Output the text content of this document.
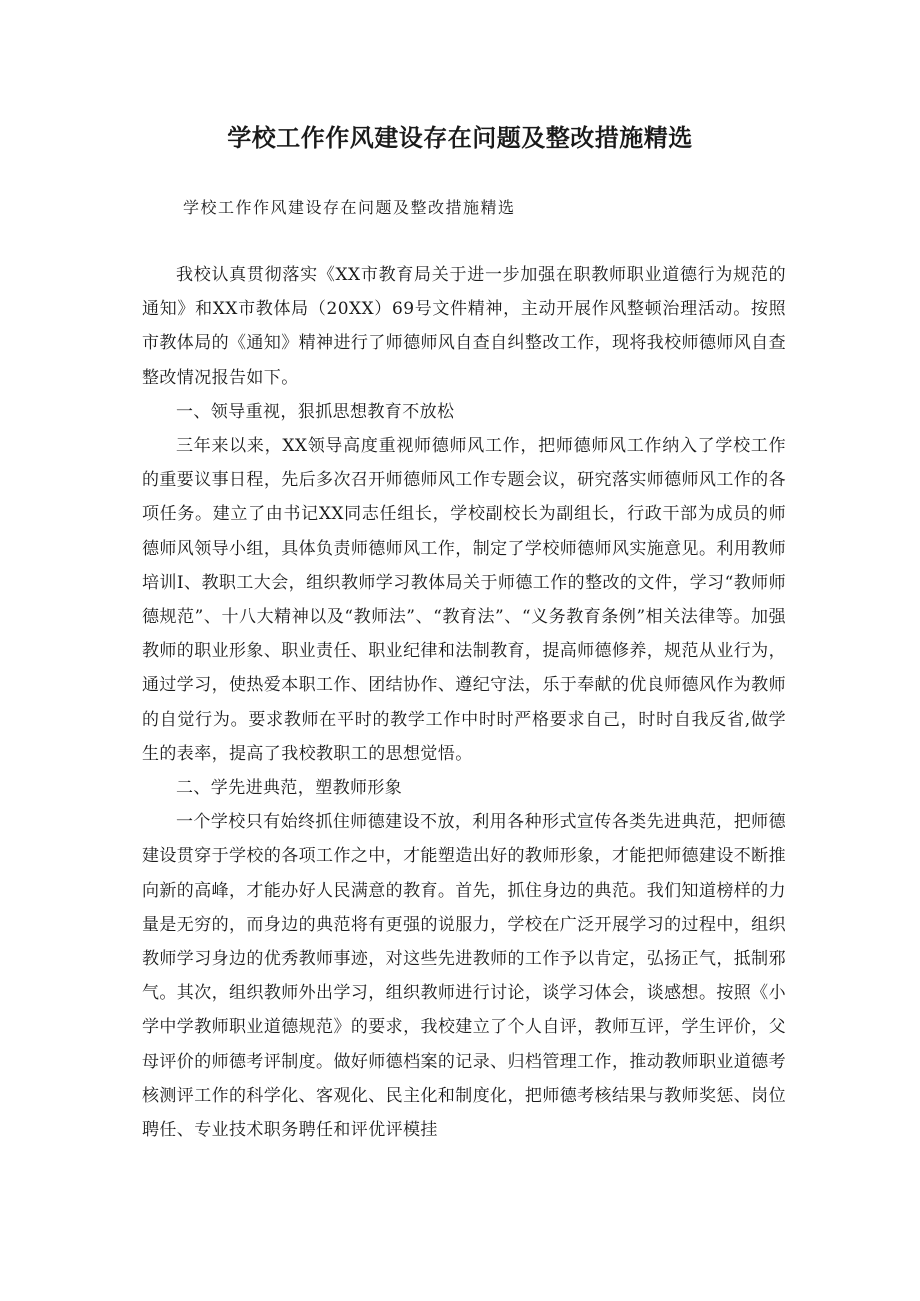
学校工作作风建设存在问题及整改措施精选
学校工作作风建设存在问题及整改措施精选

我校认真贯彻落实《XX市教育局关于进一步加强在职教师职业道德行为规范的通知》和XX市教体局（20XX）69号文件精神，主动开展作风整顿治理活动。按照市教体局的《通知》精神进行了师德师风自查自纠整改工作，现将我校师德师风自查整改情况报告如下。

一、领导重视，狠抓思想教育不放松

三年来以来，XX领导高度重视师德师风工作，把师德师风工作纳入了学校工作的重要议事日程，先后多次召开师德师风工作专题会议，研究落实师德师风工作的各项任务。建立了由书记XX同志任组长，学校副校长为副组长，行政干部为成员的师德师风领导小组，具体负责师德师风工作，制定了学校师德师风实施意见。利用教师培训Ⅰ、教职工大会，组织教师学习教体局关于师德工作的整改的文件，学习“教师师德规范”、十八大精神以及“教师法”、“教育法”、“义务教育条例”相关法律等。加强教师的职业形象、职业责任、职业纪律和法制教育，提高师德修养，规范从业行为，通过学习，使热爱本职工作、团结协作、遵纪守法，乐于奉献的优良师德风作为教师的自觉行为。要求教师在平时的教学工作中时时严格要求自己，时时自我反省,做学生的表率，提高了我校教职工的思想觉悟。

二、学先进典范，塑教师形象

一个学校只有始终抓住师德建设不放，利用各种形式宣传各类先进典范，把师德建设贯穿于学校的各项工作之中，才能塑造出好的教师形象，才能把师德建设不断推向新的高峰，才能办好人民满意的教育。首先，抓住身边的典范。我们知道榜样的力量是无穷的，而身边的典范将有更强的说服力，学校在广泛开展学习的过程中，组织教师学习身边的优秀教师事迹，对这些先进教师的工作予以肯定，弘扬正气，抵制邪气。其次，组织教师外出学习，组织教师进行讨论，谈学习体会，谈感想。按照《小学中学教师职业道德规范》的要求，我校建立了个人自评，教师互评，学生评价，父母评价的师德考评制度。做好师德档案的记录、归档管理工作，推动教师职业道德考核测评工作的科学化、客观化、民主化和制度化，把师德考核结果与教师奖惩、岗位聘任、专业技术职务聘任和评优评模挂
